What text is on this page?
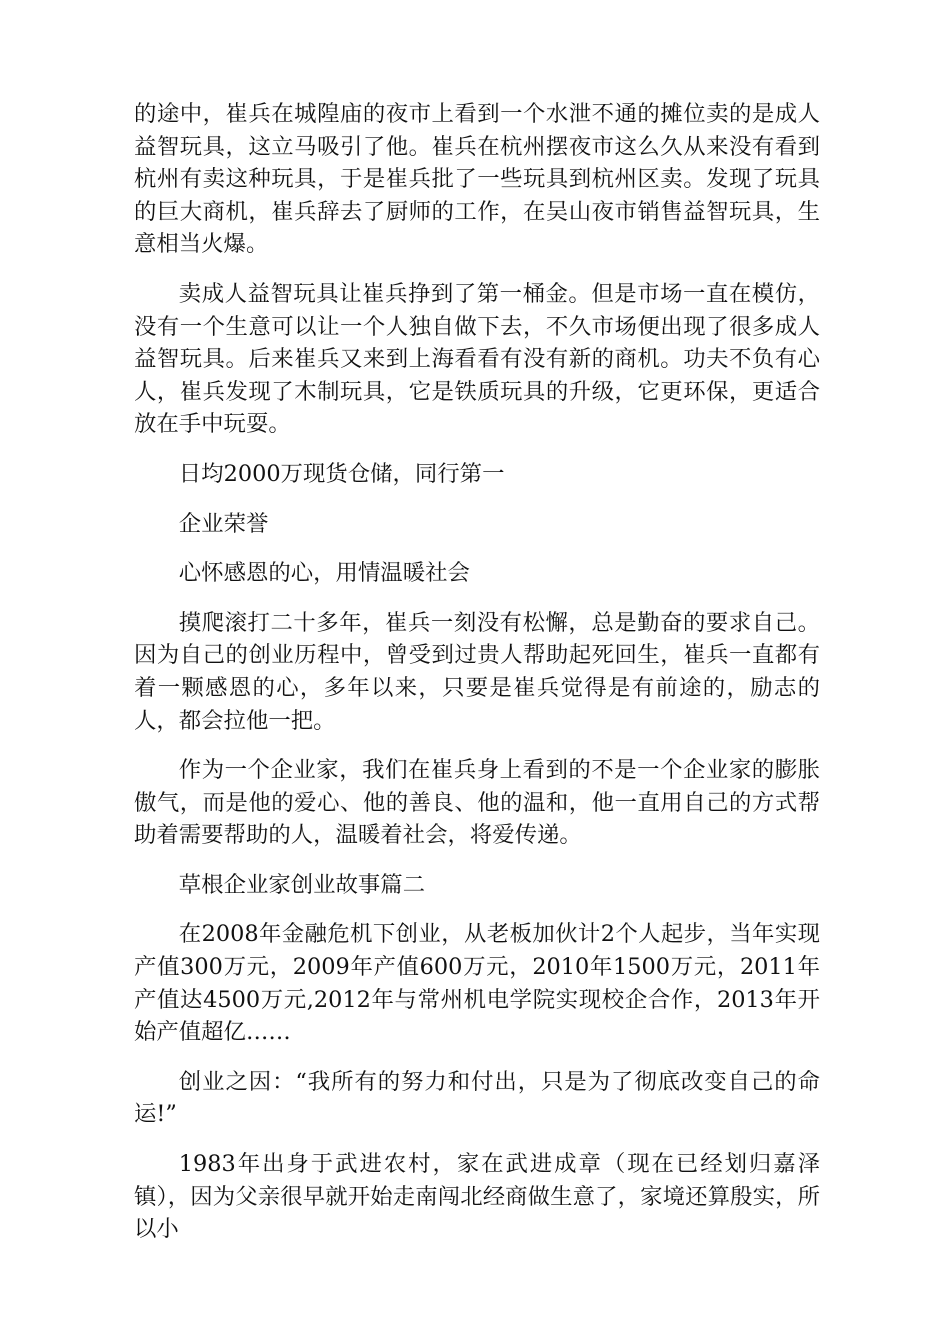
的途中，崔兵在城隍庙的夜市上看到一个水泄不通的摊位卖的是成人益智玩具，这立马吸引了他。崔兵在杭州摆夜市这么久从来没有看到杭州有卖这种玩具，于是崔兵批了一些玩具到杭州区卖。发现了玩具的巨大商机，崔兵辞去了厨师的工作，在吴山夜市销售益智玩具，生意相当火爆。

卖成人益智玩具让崔兵挣到了第一桶金。但是市场一直在模仿，没有一个生意可以让一个人独自做下去，不久市场便出现了很多成人益智玩具。后来崔兵又来到上海看看有没有新的商机。功夫不负有心人，崔兵发现了木制玩具，它是铁质玩具的升级，它更环保，更适合放在手中玩耍。

日均2000万现货仓储，同行第一

企业荣誉

心怀感恩的心，用情温暖社会

摸爬滚打二十多年，崔兵一刻没有松懈，总是勤奋的要求自己。因为自己的创业历程中，曾受到过贵人帮助起死回生，崔兵一直都有着一颗感恩的心，多年以来，只要是崔兵觉得是有前途的，励志的人，都会拉他一把。

作为一个企业家，我们在崔兵身上看到的不是一个企业家的膨胀傲气，而是他的爱心、他的善良、他的温和，他一直用自己的方式帮助着需要帮助的人，温暖着社会，将爱传递。

草根企业家创业故事篇二

在2008年金融危机下创业，从老板加伙计2个人起步，当年实现产值300万元，2009年产值600万元，2010年1500万元，2011年产值达4500万元,2012年与常州机电学院实现校企合作，2013年开始产值超亿……

创业之因：“我所有的努力和付出，只是为了彻底改变自己的命运!”

1983年出身于武进农村，家在武进成章（现在已经划归嘉泽镇），因为父亲很早就开始走南闯北经商做生意了，家境还算殷实，所以小
